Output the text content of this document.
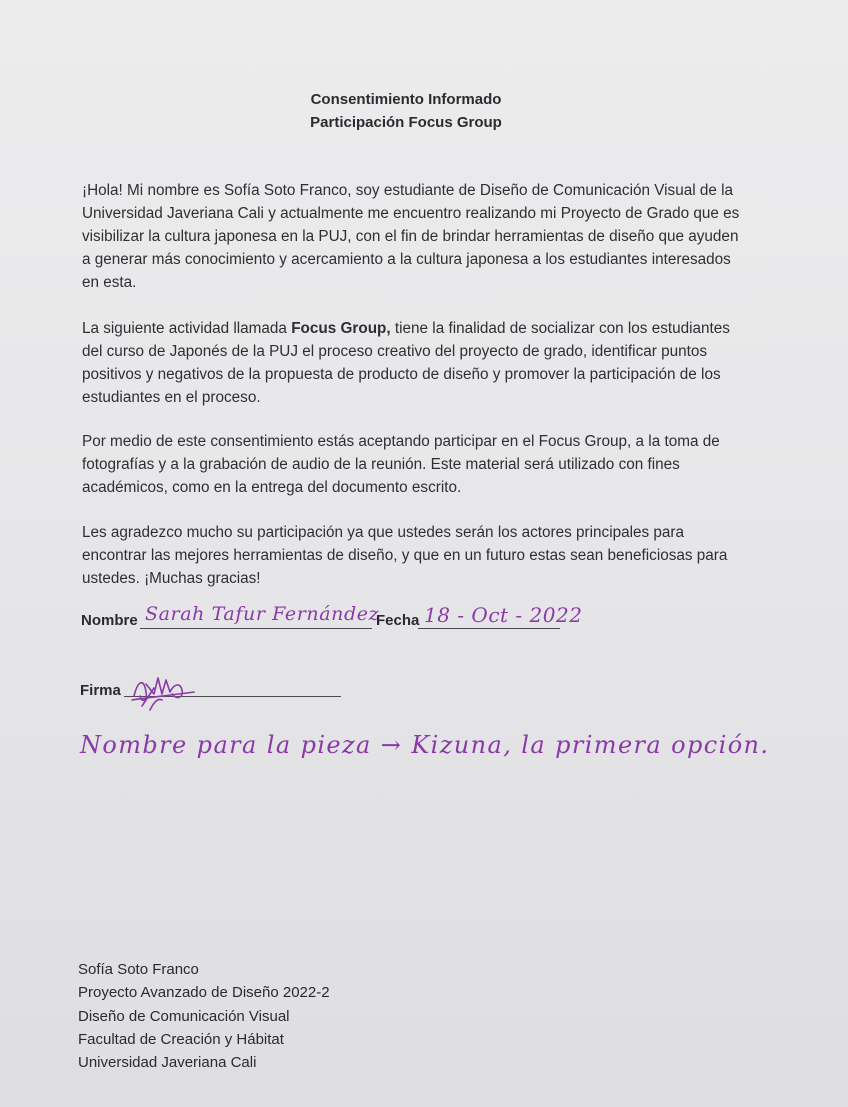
Consentimiento Informado
Participación Focus Group
¡Hola! Mi nombre es Sofía Soto Franco, soy estudiante de Diseño de Comunicación Visual de la Universidad Javeriana Cali y actualmente me encuentro realizando mi Proyecto de Grado que es visibilizar la cultura japonesa en la PUJ, con el fin de brindar herramientas de diseño que ayuden a generar más conocimiento y acercamiento a la cultura japonesa a los estudiantes interesados en esta.
La siguiente actividad llamada Focus Group, tiene la finalidad de socializar con los estudiantes del curso de Japonés de la PUJ el proceso creativo del proyecto de grado, identificar puntos positivos y negativos de la propuesta de producto de diseño y promover la participación de los estudiantes en el proceso.
Por medio de este consentimiento estás aceptando participar en el Focus Group, a la toma de fotografías y a la grabación de audio de la reunión. Este material será utilizado con fines académicos, como en la entrega del documento escrito.
Les agradezco mucho su participación ya que ustedes serán los actores principales para encontrar las mejores herramientas de diseño, y que en un futuro estas sean beneficiosas para ustedes. ¡Muchas gracias!
Nombre Sarah Tafur Fernández
Fecha 18 - Oct - 2022
Firma
Nombre para la pieza → Kizuna, la primera opción.
Sofía Soto Franco
Proyecto Avanzado de Diseño 2022-2
Diseño de Comunicación Visual
Facultad de Creación y Hábitat
Universidad Javeriana Cali
